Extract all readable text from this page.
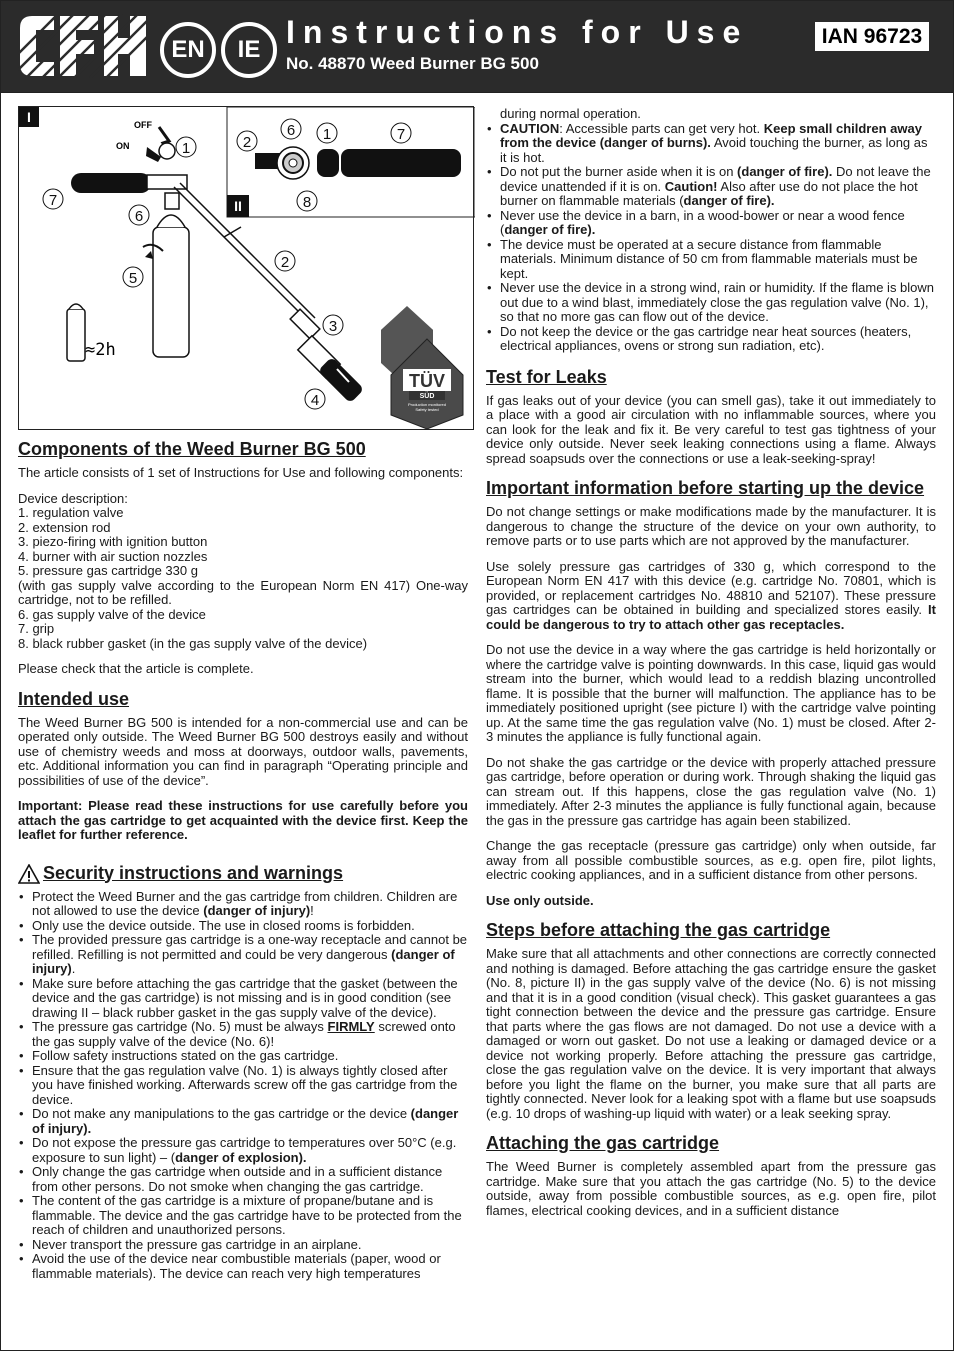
EN	IE Instructions for Use
No. 48870 Weed Burner BG 500
IAN 96723
I
II
OFF
ON
≈2h
TÜV
SÜD
Production monitored
Safety tested
1
7
6
5
2
3
4
2
6 1	7
8
Components of the Weed Burner BG 500

The article consists of 1 set of Instructions for Use and following components:

Device description:
1. regulation valve
2. extension rod
3. piezo-firing with ignition button
4. burner with air suction nozzles
5. pressure gas cartridge 330 g
(with gas supply valve according to the European Norm EN 417) One-way cartridge, not to be refilled.
6. gas supply valve of the device
7. grip
8. black rubber gasket (in the gas supply valve of the device)

Please check that the article is complete.

Intended use

The Weed Burner BG 500 is intended for a non-commercial use and can be operated only outside. The Weed Burner BG 500 destroys easily and without use of chemistry weeds and moss at doorways, outdoor walls, pavements, etc. Additional information you can find in paragraph “Operating principle and possibilities of use of the device”.

Important: Please read these instructions for use carefully before you attach the gas cartridge to get acquainted with the device first. Keep the leaflet for further reference.

Security instructions and warnings
• Protect the Weed Burner and the gas cartridge from children. Children are not allowed to use the device (danger of injury)!
• Only use the device outside. The use in closed rooms is forbidden.
• The provided pressure gas cartridge is a one-way receptacle and cannot be refilled. Refilling is not permitted and could be very dangerous (danger of injury).
• Make sure before attaching the gas cartridge that the gasket (between the device and the gas cartridge) is not missing and is in good condition (see drawing II – black rubber gasket in the gas supply valve of the device).
• The pressure gas cartridge (No. 5) must be always FIRMLY screwed onto the gas supply valve of the device (No. 6)!
• Follow safety instructions stated on the gas cartridge.
• Ensure that the gas regulation valve (No. 1) is always tightly closed after you have finished working. Afterwards screw off the gas cartridge from the device.
• Do not make any manipulations to the gas cartridge or the device (danger of injury).
• Do not expose the pressure gas cartridge to temperatures over 50°C (e.g. exposure to sun light) – (danger of explosion).
• Only change the gas cartridge when outside and in a sufficient distance from other persons. Do not smoke when changing the gas cartridge.
• The content of the gas cartridge is a mixture of propane/butane and is flammable. The device and the gas cartridge have to be protected from the reach of children and unauthorized persons.
• Never transport the pressure gas cartridge in an airplane.
• Avoid the use of the device near combustible materials (paper, wood or flammable materials). The device can reach very high temperatures
during normal operation.
• CAUTION: Accessible parts can get very hot. Keep small children away from the device (danger of burns). Avoid touching the burner, as long as it is hot.
• Do not put the burner aside when it is on (danger of fire). Do not leave the device unattended if it is on. Caution! Also after use do not place the hot burner on flammable materials (danger of fire).
• Never use the device in a barn, in a wood-bower or near a wood fence (danger of fire).
• The device must be operated at a secure distance from flammable materials. Minimum distance of 50 cm from flammable materials must be kept.
• Never use the device in a strong wind, rain or humidity. If the flame is blown out due to a wind blast, immediately close the gas regulation valve (No. 1), so that no more gas can flow out of the device.
• Do not keep the device or the gas cartridge near heat sources (heaters, electrical appliances, ovens or strong sun radiation, etc).
Test for Leaks

If gas leaks out of your device (you can smell gas), take it out immediately to a place with a good air circulation with no inflammable sources, where you can look for the leak and fix it. Be very careful to test gas tightness of your device only outside. Never seek leaking connections using a flame. Always spread soapsuds over the connections or use a leak-seeking-spray!

Important information before starting up the device

Do not change settings or make modifications made by the manufacturer. It is dangerous to change the structure of the device on your own authority, to remove parts or to use parts which are not approved by the manufacturer.

Use solely pressure gas cartridges of 330 g, which correspond to the European Norm EN 417 with this device (e.g. cartridge No. 70801, which is provided, or replacement cartridges No. 48810 and 52107). These pressure gas cartridges can be obtained in building and specialized stores easily. It could be dangerous to try to attach other gas receptacles.

Do not use the device in a way where the gas cartridge is held horizontally or where the cartridge valve is pointing downwards. In this case, liquid gas would stream into the burner, which would lead to a reddish blazing uncontrolled flame. It is possible that the burner will malfunction. The appliance has to be immediately positioned upright (see picture I) with the cartridge valve pointing up. At the same time the gas regulation valve (No. 1) must be closed. After 2-3 minutes the appliance is fully functional again.

Do not shake the gas cartridge or the device with properly attached pressure gas cartridge, before operation or during work. Through shaking the liquid gas can stream out. If this happens, close the gas regulation valve (No. 1) immediately. After 2-3 minutes the appliance is fully functional again, because the gas in the pressure gas cartridge has again been stabilized.

Change the gas receptacle (pressure gas cartridge) only when outside, far away from all possible combustible sources, as e.g. open fire, pilot lights, electric cooking appliances, and in a sufficient distance from other persons.

Use only outside.

Steps before attaching the gas cartridge

Make sure that all attachments and other connections are correctly connected and nothing is damaged. Before attaching the gas cartridge ensure the gasket (No. 8, picture II) in the gas supply valve of the device (No. 6) is not missing and that it is in a good condition (visual check). This gasket guarantees a gas tight connection between the device and the pressure gas cartridge. Ensure that parts where the gas flows are not damaged. Do not use a device with a damaged or worn out gasket. Do not use a leaking or damaged device or a device not working properly. Before attaching the pressure gas cartridge, close the gas regulation valve on the device. It is very important that always before you light the flame on the burner, you make sure that all parts are tightly connected. Never look for a leaking spot with a flame but use soapsuds (e.g. 10 drops of washing-up liquid with water) or a leak seeking spray.

Attaching the gas cartridge

The Weed Burner is completely assembled apart from the pressure gas cartridge. Make sure that you attach the gas cartridge (No. 5) to the device outside, away from possible combustible sources, as e.g. open fire, pilot flames, electrical cooking devices, and in a sufficient distance
